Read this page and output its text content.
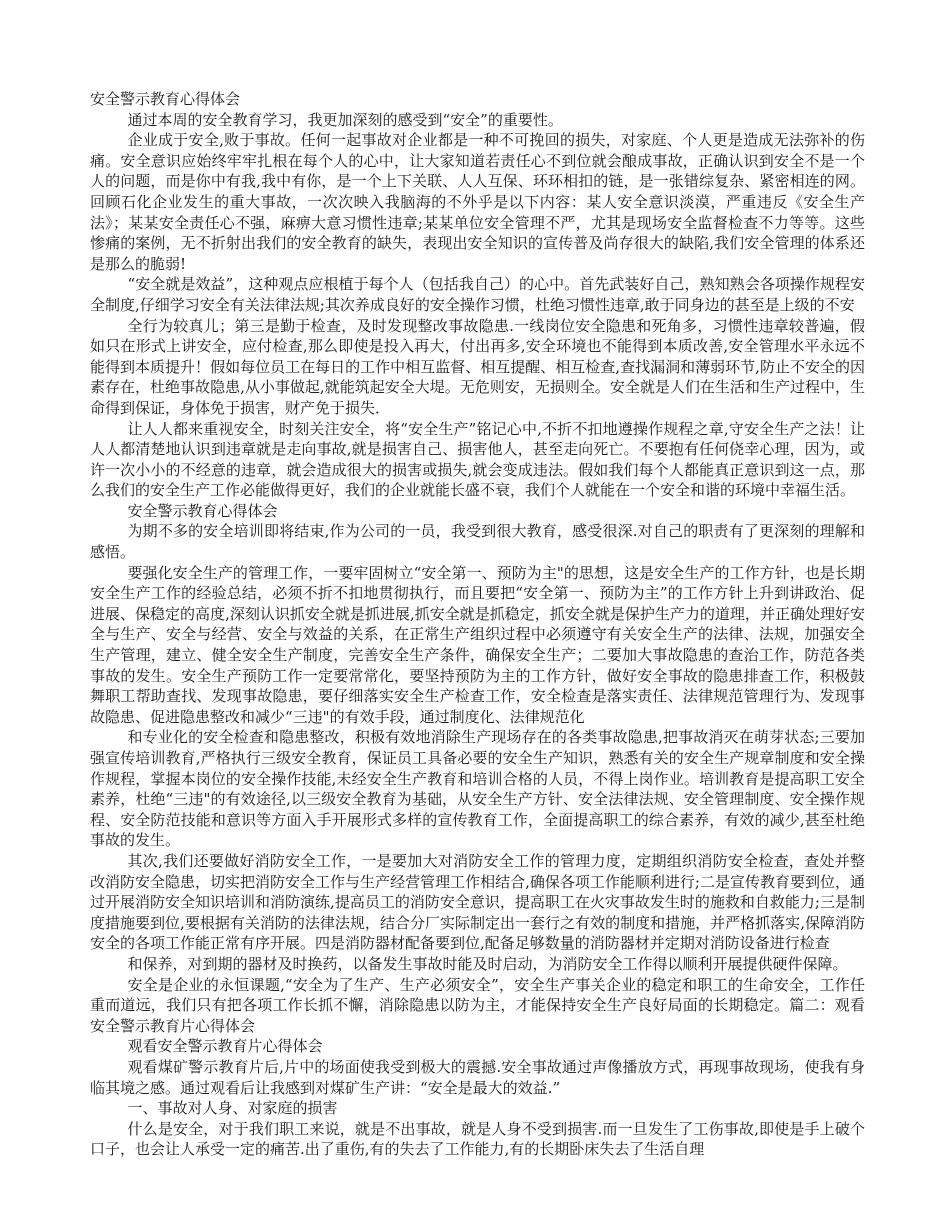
安全警示教育心得体会

通过本周的安全教育学习，我更加深刻的感受到“安全”的重要性。

企业成于安全,败于事故。任何一起事故对企业都是一种不可挽回的损失，对家庭、个人更是造成无法弥补的伤痛。安全意识应始终牢牢扎根在每个人的心中，让大家知道若责任心不到位就会酿成事故，正确认识到安全不是一个人的问题，而是你中有我,我中有你，是一个上下关联、人人互保、环环相扣的链，是一张错综复杂、紧密相连的网。回顾石化企业发生的重大事故，一次次映入我脑海的不外乎是以下内容：某人安全意识淡漠，严重违反《安全生产法》；某某安全责任心不强，麻痹大意习惯性违章;某某单位安全管理不严，尤其是现场安全监督检查不力等等。这些惨痛的案例，无不折射出我们的安全教育的缺失，表现出安全知识的宣传普及尚存很大的缺陷,我们安全管理的体系还是那么的脆弱!

“安全就是效益”，这种观点应根植于每个人（包括我自己）的心中。首先武装好自己，熟知熟会各项操作规程安全制度,仔细学习安全有关法律法规;其次养成良好的安全操作习惯，杜绝习惯性违章,敢于同身边的甚至是上级的不安

全行为较真儿；第三是勤于检查，及时发现整改事故隐患.一线岗位安全隐患和死角多，习惯性违章较普遍，假如只在形式上讲安全，应付检查,那么即使是投入再大，付出再多,安全环境也不能得到本质改善,安全管理水平永远不能得到本质提升！假如每位员工在每日的工作中相互监督、相互提醒、相互检查,查找漏洞和薄弱环节,防止不安全的因素存在，杜绝事故隐患,从小事做起,就能筑起安全大堤。无危则安，无损则全。安全就是人们在生活和生产过程中，生命得到保证，身体免于损害，财产免于损失．

让人人都来重视安全，时刻关注安全，将“安全生产”铭记心中,不折不扣地遵操作规程之章,守安全生产之法！让人人都清楚地认识到违章就是走向事故,就是损害自己、损害他人，甚至走向死亡。不要抱有任何侥幸心理，因为，或许一次小小的不经意的违章，就会造成很大的损害或损失,就会变成违法。假如我们每个人都能真正意识到这一点，那么我们的安全生产工作必能做得更好，我们的企业就能长盛不衰，我们个人就能在一个安全和谐的环境中幸福生活。

安全警示教育心得体会

为期不多的安全培训即将结束,作为公司的一员，我受到很大教育，感受很深.对自己的职责有了更深刻的理解和感悟。

要强化安全生产的管理工作，一要牢固树立“安全第一、预防为主"的思想，这是安全生产的工作方针，也是长期安全生产工作的经验总结，必须不折不扣地贯彻执行，而且要把“安全第一、预防为主”的工作方针上升到讲政治、促进展、保稳定的高度,深刻认识抓安全就是抓进展,抓安全就是抓稳定，抓安全就是保护生产力的道理，并正确处理好安全与生产、安全与经营、安全与效益的关系，在正常生产组织过程中必须遵守有关安全生产的法律、法规，加强安全生产管理，建立、健全安全生产制度，完善安全生产条件，确保安全生产；二要加大事故隐患的查治工作，防范各类事故的发生。安全生产预防工作一定要常常化，要坚持预防为主的工作方针，做好安全事故的隐患排查工作，积极鼓舞职工帮助查找、发现事故隐患，要仔细落实安全生产检查工作，安全检查是落实责任、法律规范管理行为、发现事故隐患、促进隐患整改和减少“三违"的有效手段，通过制度化、法律规范化

和专业化的安全检查和隐患整改，积极有效地消除生产现场存在的各类事故隐患,把事故消灭在萌芽状态;三要加强宣传培训教育,严格执行三级安全教育，保证员工具备必要的安全生产知识，熟悉有关的安全生产规章制度和安全操作规程，掌握本岗位的安全操作技能,未经安全生产教育和培训合格的人员，不得上岗作业。培训教育是提高职工安全素养，杜绝“三违"的有效途径,以三级安全教育为基础，从安全生产方针、安全法律法规、安全管理制度、安全操作规程、安全防范技能和意识等方面入手开展形式多样的宣传教育工作，全面提高职工的综合素养，有效的减少,甚至杜绝事故的发生。

其次,我们还要做好消防安全工作，一是要加大对消防安全工作的管理力度，定期组织消防安全检查，查处并整改消防安全隐患，切实把消防安全工作与生产经营管理工作相结合,确保各项工作能顺利进行;二是宣传教育要到位，通过开展消防安全知识培训和消防演练,提高员工的消防安全意识，提高职工在火灾事故发生时的施救和自救能力;三是制度措施要到位,要根据有关消防的法律法规，结合分厂实际制定出一套行之有效的制度和措施，并严格抓落实,保障消防安全的各项工作能正常有序开展。四是消防器材配备要到位,配备足够数量的消防器材并定期对消防设备进行检查

和保养，对到期的器材及时换药，以备发生事故时能及时启动，为消防安全工作得以顺利开展提供硬件保障。

安全是企业的永恒课题,“安全为了生产、生产必须安全”，安全生产事关企业的稳定和职工的生命安全，工作任重而道远，我们只有把各项工作长抓不懈，消除隐患以防为主，才能保持安全生产良好局面的长期稳定。篇二：观看安全警示教育片心得体会

观看安全警示教育片心得体会

观看煤矿警示教育片后,片中的场面使我受到极大的震撼.安全事故通过声像播放方式，再现事故现场，使我有身临其境之感。通过观看后让我感到对煤矿生产讲：“安全是最大的效益.”

一、事故对人身、对家庭的损害

什么是安全，对于我们职工来说，就是不出事故，就是人身不受到损害.而一旦发生了工伤事故,即使是手上破个口子，也会让人承受一定的痛苦.出了重伤,有的失去了工作能力,有的长期卧床失去了生活自理
